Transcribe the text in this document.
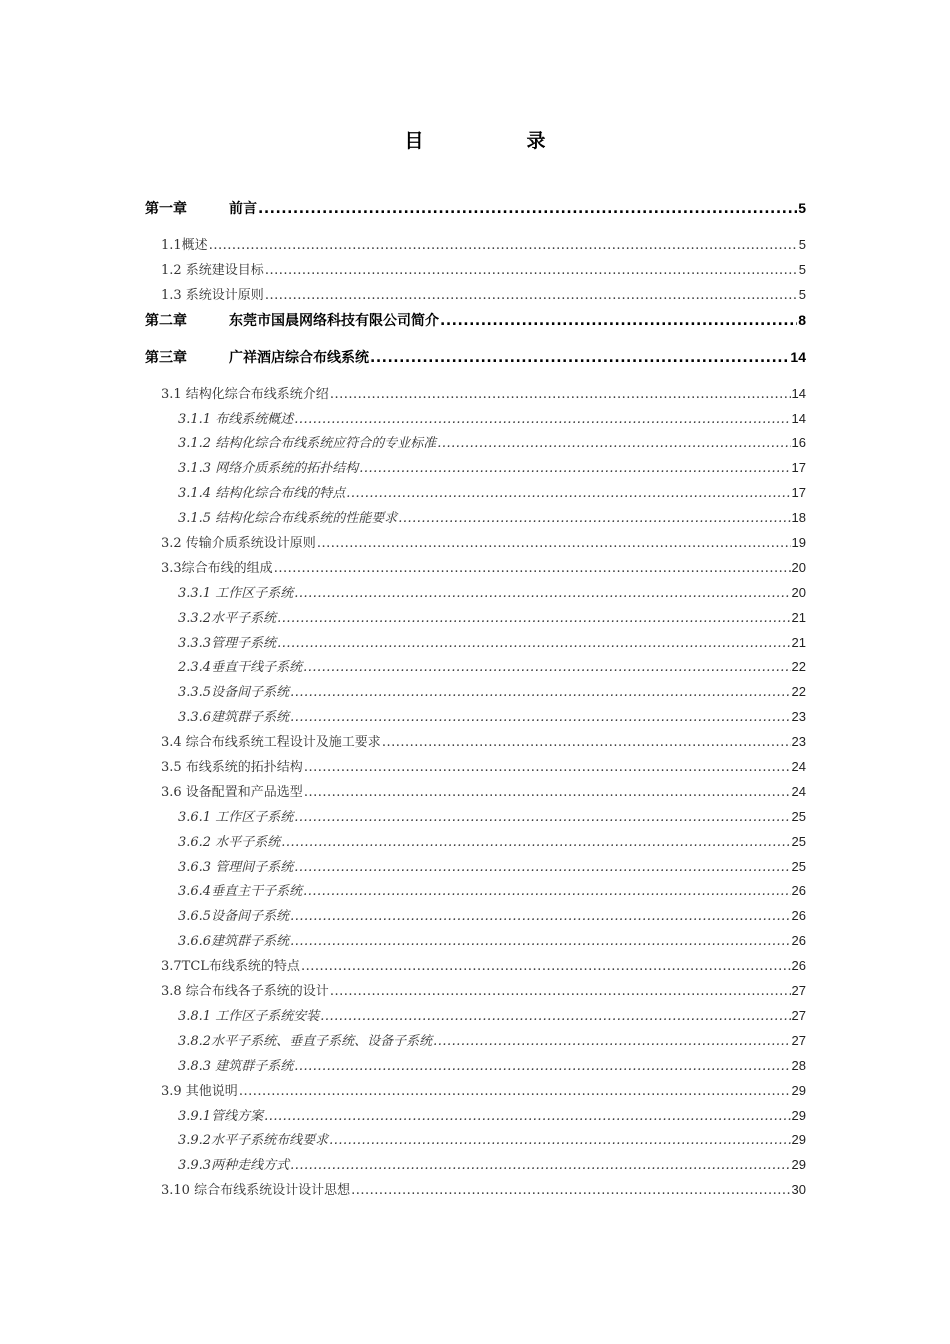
目　录
第一章	前言 .....	5
1.1概述 .....	5
1.2 系统建设目标 .....	5
1.3 系统设计原则 .....	5
第二章	东莞市国晨网络科技有限公司简介 .....	8
第三章	广祥酒店综合布线系统 .....	14
3.1 结构化综合布线系统介绍 .....	14
3.1.1 布线系统概述 .....	14
3.1.2 结构化综合布线系统应符合的专业标准 .....	16
3.1.3 网络介质系统的拓扑结构 .....	17
3.1.4 结构化综合布线的特点 .....	17
3.1.5 结构化综合布线系统的性能要求 .....	18
3.2 传输介质系统设计原则 .....	19
3.3综合布线的组成 .....	20
3.3.1 工作区子系统 .....	20
3.3.2水平子系统 .....	21
3.3.3管理子系统 .....	21
2.3.4垂直干线子系统 .....	22
3.3.5设备间子系统 .....	22
3.3.6建筑群子系统 .....	23
3.4 综合布线系统工程设计及施工要求 .....	23
3.5 布线系统的拓扑结构 .....	24
3.6 设备配置和产品选型 .....	24
3.6.1 工作区子系统 .....	25
3.6.2 水平子系统 .....	25
3.6.3 管理间子系统 .....	25
3.6.4垂直主干子系统 .....	26
3.6.5设备间子系统 .....	26
3.6.6建筑群子系统 .....	26
3.7TCL布线系统的特点 .....	26
3.8 综合布线各子系统的设计 .....	27
3.8.1 工作区子系统安装 .....	27
3.8.2水平子系统、垂直子系统、设备子系统 .....	27
3.8.3 建筑群子系统 .....	28
3.9 其他说明 .....	29
3.9.1管线方案 .....	29
3.9.2水平子系统布线要求 .....	29
3.9.3两种走线方式 .....	29
3.10 综合布线系统设计设计思想 .....	30
